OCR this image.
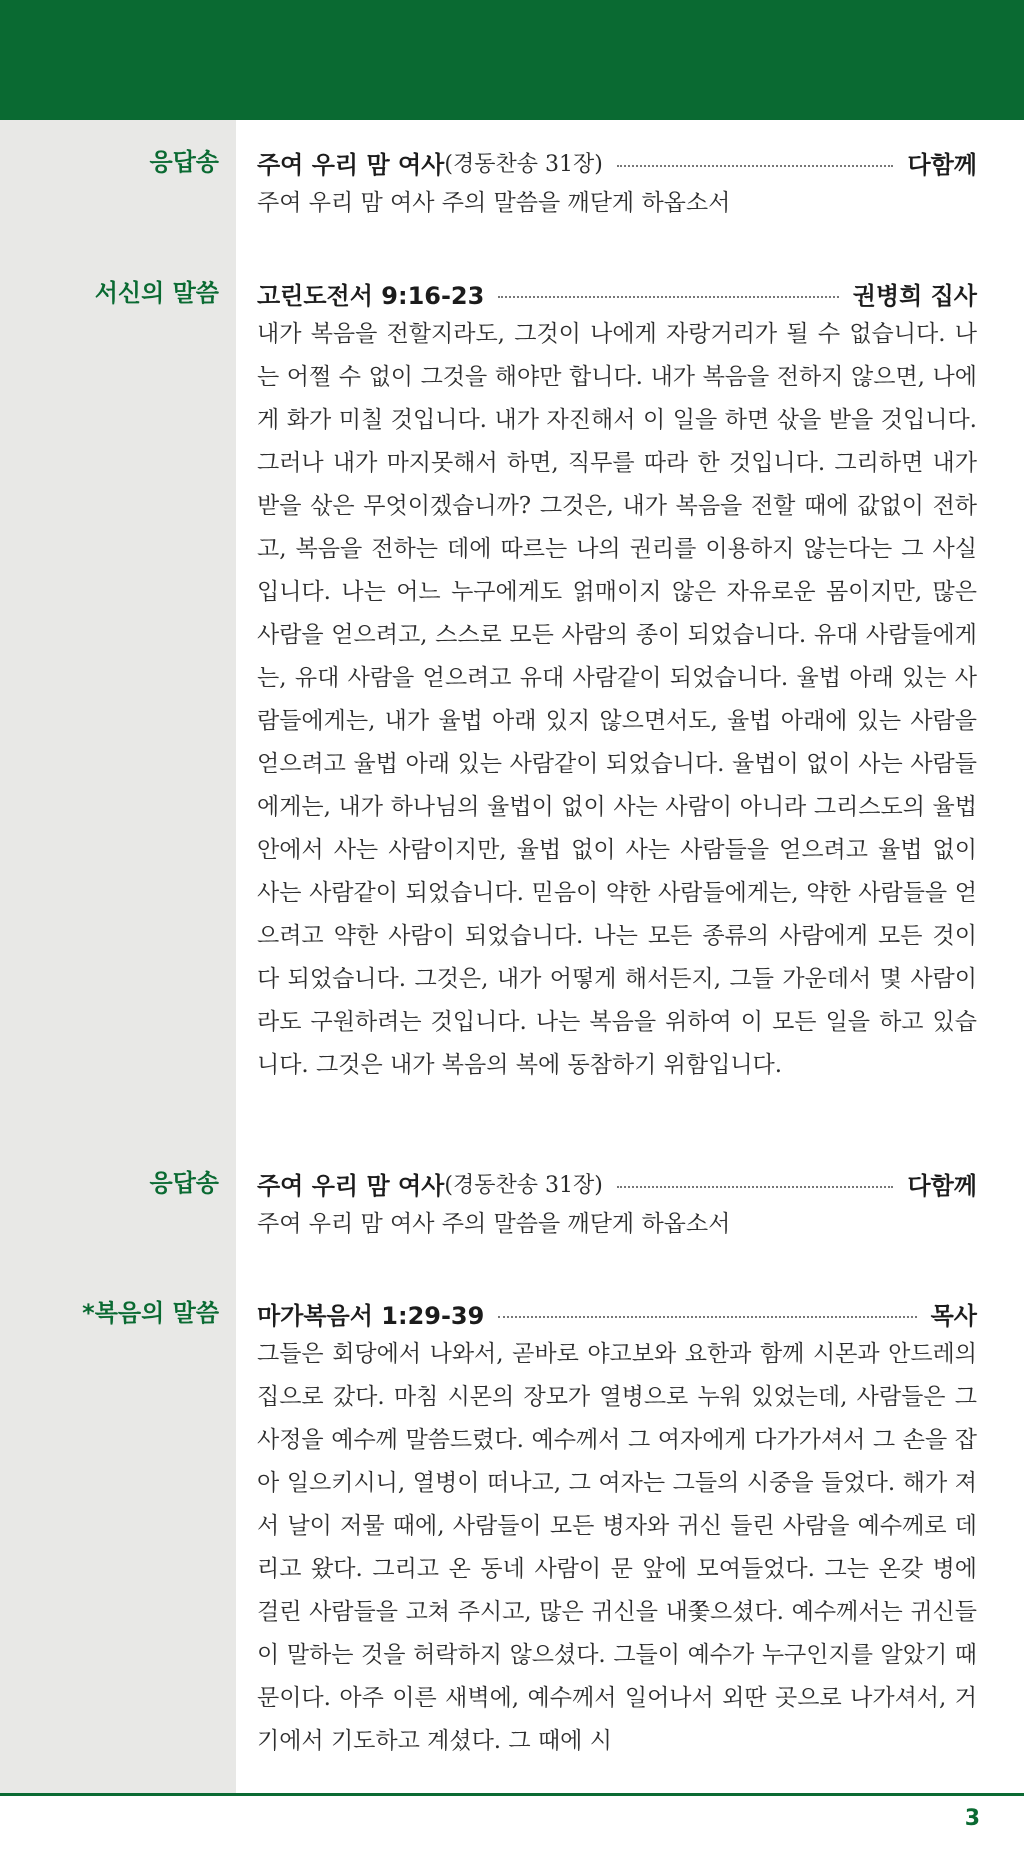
응답송 주여 우리 맘 여사 (경동찬송 31장)	다함께

주여 우리 맘 여사 주의 말씀을 깨닫게 하옵소서

서신의 말씀 고린도전서 9:16-23	권병희 집사

내가 복음을 전할지라도, 그것이 나에게 자랑거리가 될 수 없습니다. 나는 어쩔 수 없이 그것을 해야만 합니다. 내가 복음을 전하지 않으면, 나에게 화가 미칠 것입니다. 내가 자진해서 이 일을 하면 삯을 받을 것입니다. 그러나 내가 마지못해서 하면, 직무를 따라 한 것입니다. 그리하면 내가 받을 삯은 무엇이겠습니까? 그것은, 내가 복음을 전할 때에 값없이 전하고, 복음을 전하는 데에 따르는 나의 권리를 이용하지 않는다는 그 사실입니다. 나는 어느 누구에게도 얽매이지 않은 자유로운 몸이지만, 많은 사람을 얻으려고, 스스로 모든 사람의 종이 되었습니다. 유대 사람들에게는, 유대 사람을 얻으려고 유대 사람같이 되었습니다. 율법 아래 있는 사람들에게는, 내가 율법 아래 있지 않으면서도, 율법 아래에 있는 사람을 얻으려고 율법 아래 있는 사람같이 되었습니다. 율법이 없이 사는 사람들에게는, 내가 하나님의 율법이 없이 사는 사람이 아니라 그리스도의 율법 안에서 사는 사람이지만, 율법 없이 사는 사람들을 얻으려고 율법 없이 사는 사람같이 되었습니다. 믿음이 약한 사람들에게는, 약한 사람들을 얻으려고 약한 사람이 되었습니다. 나는 모든 종류의 사람에게 모든 것이 다 되었습니다. 그것은, 내가 어떻게 해서든지, 그들 가운데서 몇 사람이라도 구원하려는 것입니다. 나는 복음을 위하여 이 모든 일을 하고 있습니다. 그것은 내가 복음의 복에 동참하기 위함입니다.

응답송 주여 우리 맘 여사 (경동찬송 31장)	다함께

주여 우리 맘 여사 주의 말씀을 깨닫게 하옵소서

*복음의 말씀 마가복음서 1:29-39	목사

그들은 회당에서 나와서, 곧바로 야고보와 요한과 함께 시몬과 안드레의 집으로 갔다. 마침 시몬의 장모가 열병으로 누워 있었는데, 사람들은 그 사정을 예수께 말씀드렸다. 예수께서 그 여자에게 다가가셔서 그 손을 잡아 일으키시니, 열병이 떠나고, 그 여자는 그들의 시중을 들었다. 해가 져서 날이 저물 때에, 사람들이 모든 병자와 귀신 들린 사람을 예수께로 데리고 왔다. 그리고 온 동네 사람이 문 앞에 모여들었다. 그는 온갖 병에 걸린 사람들을 고쳐 주시고, 많은 귀신을 내쫓으셨다. 예수께서는 귀신들이 말하는 것을 허락하지 않으셨다. 그들이 예수가 누구인지를 알았기 때문이다. 아주 이른 새벽에, 예수께서 일어나서 외딴 곳으로 나가셔서, 거기에서 기도하고 계셨다. 그 때에 시

3
